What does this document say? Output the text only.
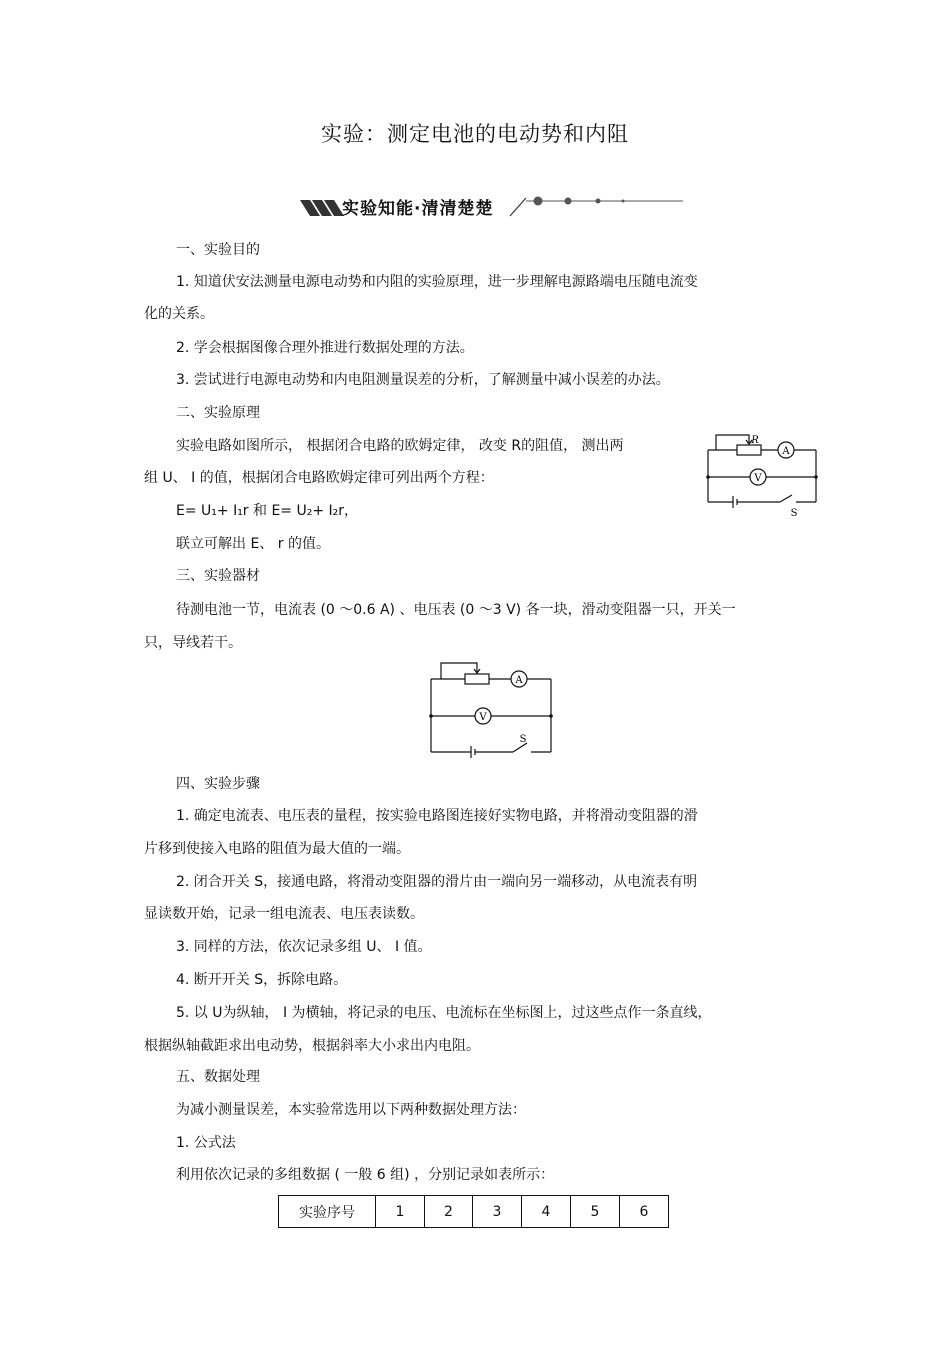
实验：测定电池的电动势和内阻
实验知能·清清楚楚
一、实验目的
1. 知道伏安法测量电源电动势和内阻的实验原理，进一步理解电源路端电压随电流变
化的关系。
2. 学会根据图像合理外推进行数据处理的方法。
3. 尝试进行电源电动势和内电阻测量误差的分析，了解测量中减小误差的办法。
二、实验原理
实验电路如图所示， 根据闭合电路的欧姆定律， 改变 R的阻值， 测出两
组 U、 I 的值，根据闭合电路欧姆定律可列出两个方程：
E= U₁+ I₁r 和 E= U₂+ I₂r，
联立可解出 E、 r 的值。
R
A
V
S
三、实验器材
待测电池一节，电流表 (0 ～0.6 A) 、电压表 (0 ～3 V) 各一块，滑动变阻器一只，开关一
只，导线若干。
A
V
S
四、实验步骤
1. 确定电流表、电压表的量程，按实验电路图连接好实物电路，并将滑动变阻器的滑
片移到使接入电路的阻值为最大值的一端。
2. 闭合开关 S，接通电路，将滑动变阻器的滑片由一端向另一端移动，从电流表有明
显读数开始，记录一组电流表、电压表读数。
3. 同样的方法，依次记录多组 U、 I 值。
4. 断开开关 S，拆除电路。
5. 以 U为纵轴， I 为横轴，将记录的电压、电流标在坐标图上，过这些点作一条直线，
根据纵轴截距求出电动势，根据斜率大小求出内电阻。
五、数据处理
为减小测量误差，本实验常选用以下两种数据处理方法：
1. 公式法
利用依次记录的多组数据 ( 一般 6 组) ，分别记录如表所示：
实验序号	1	2	3	4	5	6
